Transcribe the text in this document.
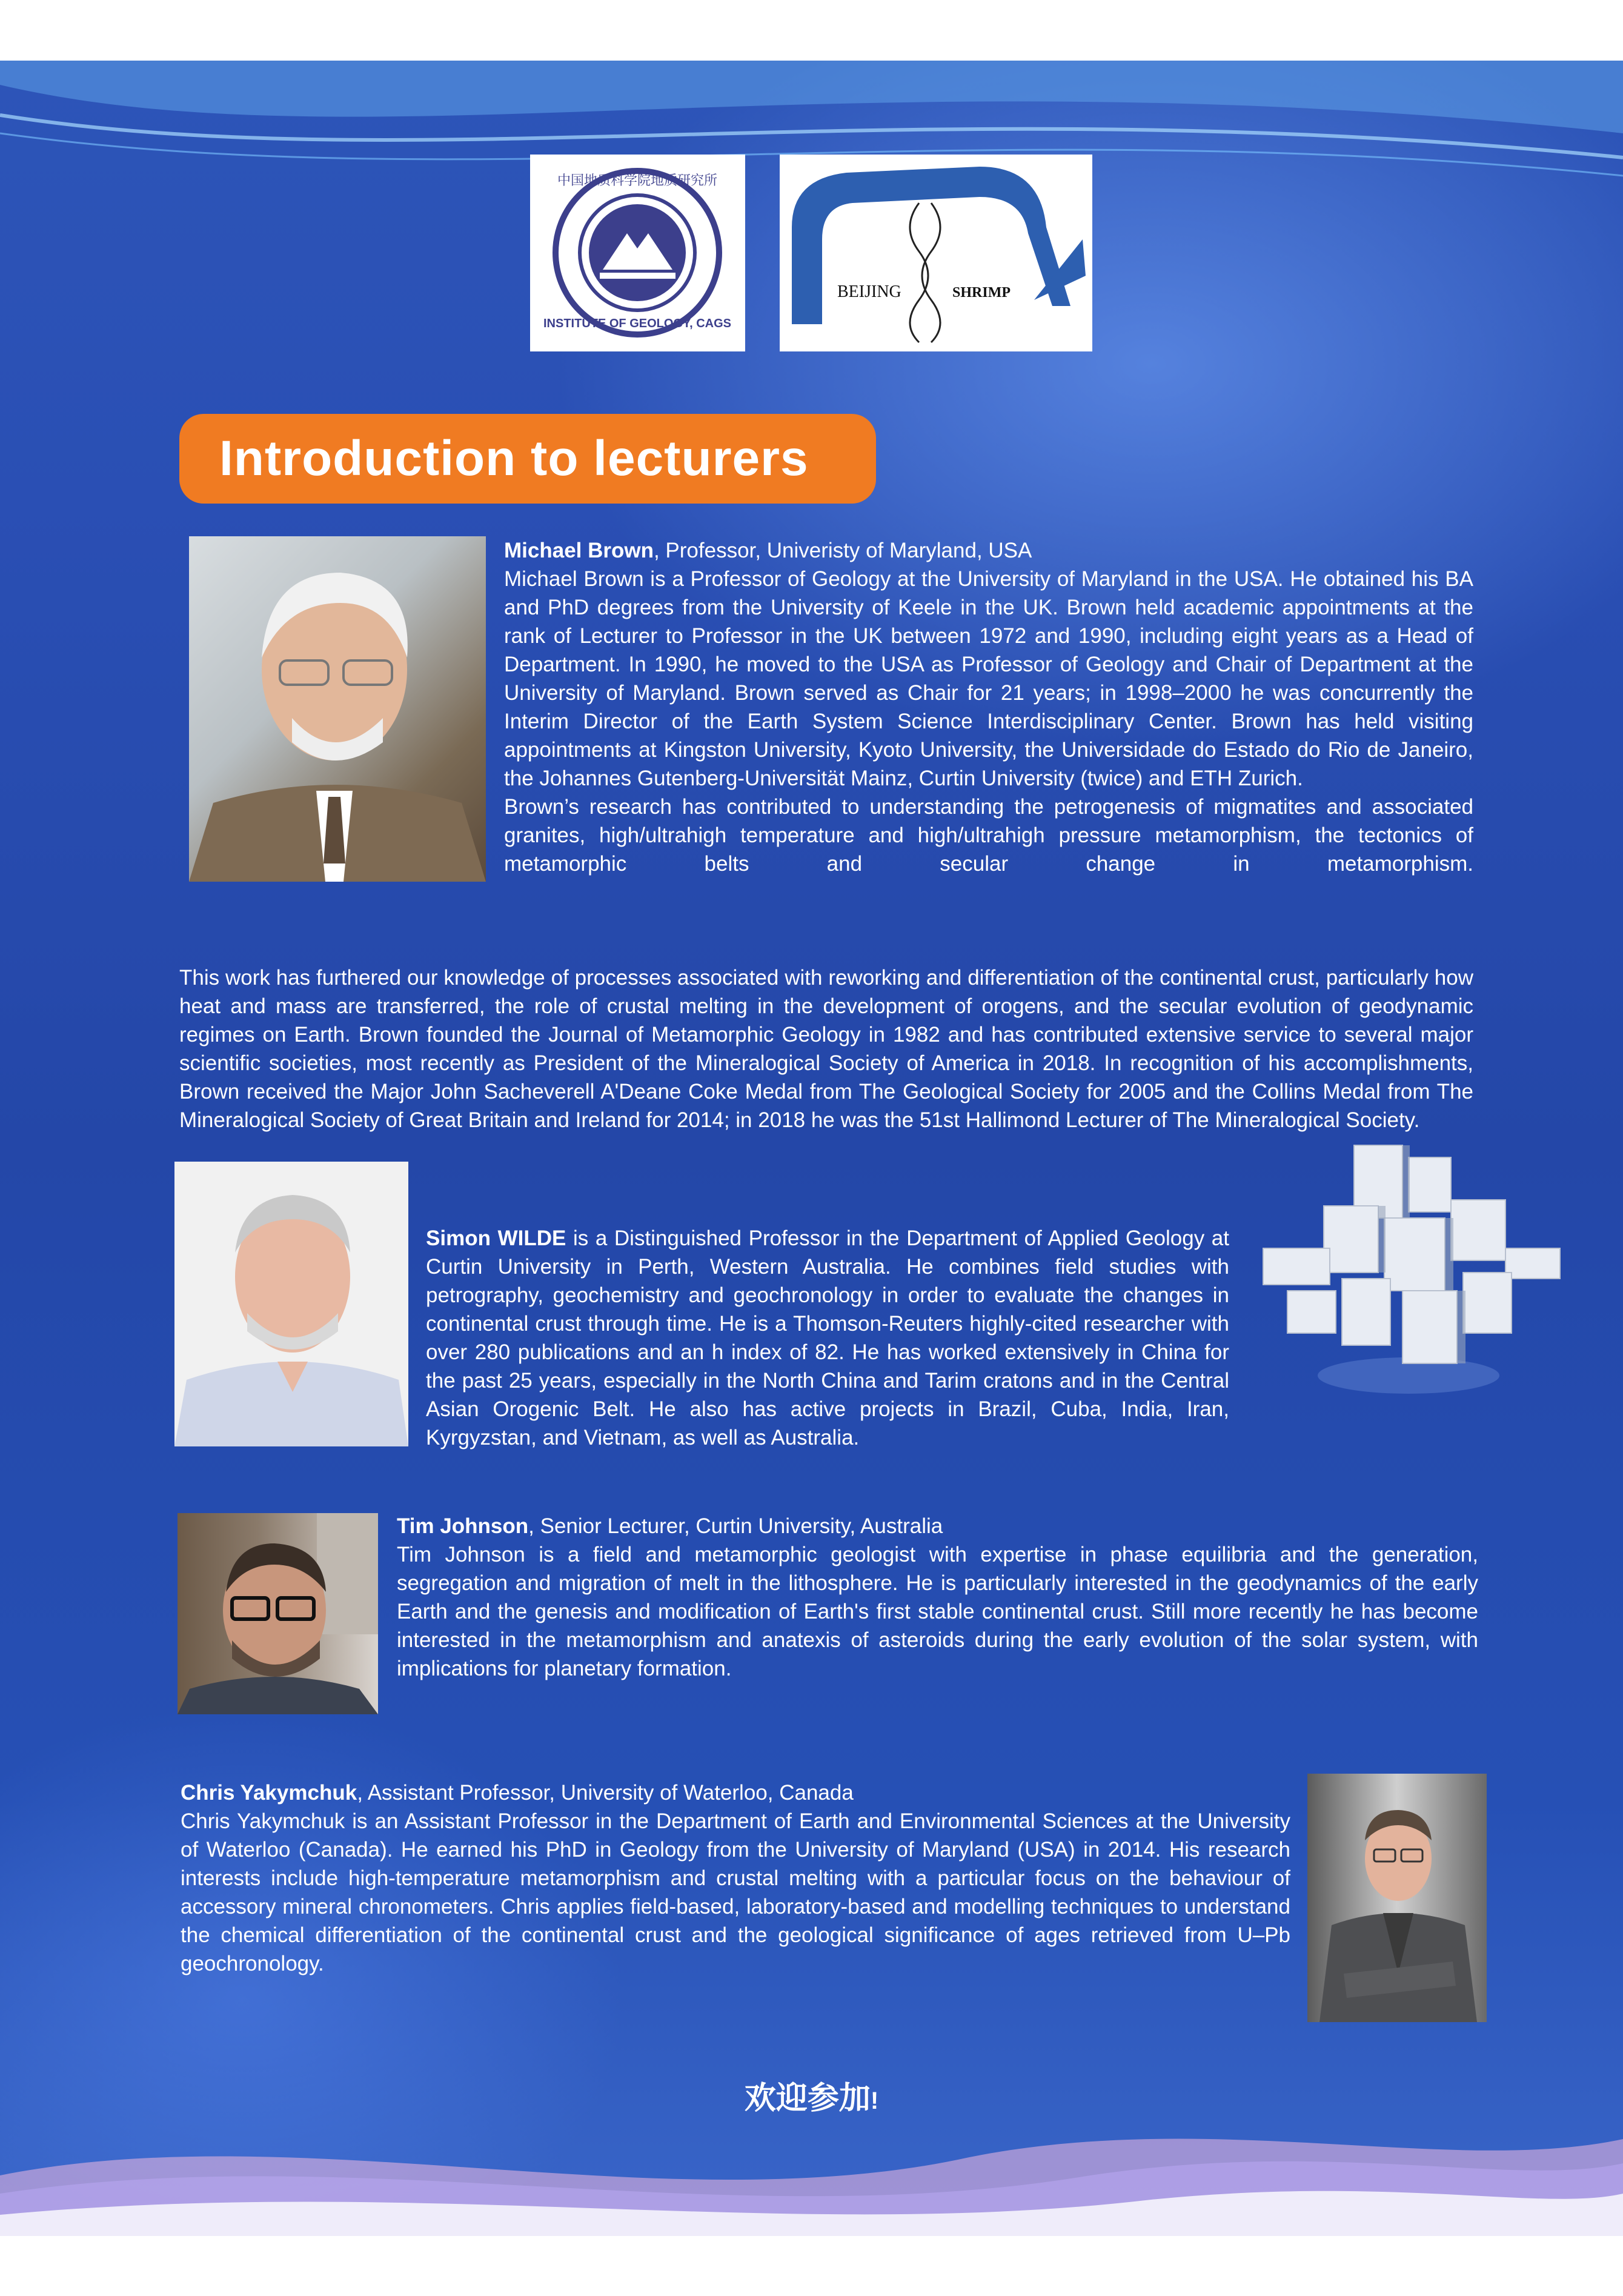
中国地质科学院地质研究所
INSTITUTE OF GEOLOGY, CAGS
BEIJING	SHRIMP
Introduction to lecturers
Michael Brown, Professor, Univeristy of Maryland, USA
Michael Brown is a Professor of Geology at the University of Maryland in the USA. He obtained his BA and PhD degrees from the University of Keele in the UK. Brown held academic appointments at the rank of Lecturer to Professor in the UK between 1972 and 1990, including eight years as a Head of Department. In 1990, he moved to the USA as Professor of Geology and Chair of Department at the University of Maryland. Brown served as Chair for 21 years; in 1998–2000 he was concurrently the Interim Director of the Earth System Science Interdisciplinary Center. Brown has held visiting appointments at Kingston University, Kyoto University, the Universidade do Estado do Rio de Janeiro, the Johannes Gutenberg-Universität Mainz, Curtin University (twice) and ETH Zurich.
Brown’s research has contributed to understanding the petrogenesis of migmatites and associated granites, high/ultrahigh temperature and high/ultrahigh pressure metamorphism, the tectonics of metamorphic belts and secular change in metamorphism.
This work has furthered our knowledge of processes associated with reworking and differentiation of the continental crust, particularly how heat and mass are transferred, the role of crustal melting in the development of orogens, and the secular evolution of geodynamic regimes on Earth. Brown founded the Journal of Metamorphic Geology in 1982 and has contributed extensive service to several major scientific societies, most recently as President of the Mineralogical Society of America in 2018. In recognition of his accomplishments, Brown received the Major John Sacheverell A'Deane Coke Medal from The Geological Society for 2005 and the Collins Medal from The Mineralogical Society of Great Britain and Ireland for 2014; in 2018 he was the 51st Hallimond Lecturer of The Mineralogical Society.
Simon WILDE is a Distinguished Professor in the Department of Applied Geology at Curtin University in Perth, Western Australia. He combines field studies with petrography, geochemistry and geochronology in order to evaluate the changes in continental crust through time. He is a Thomson-Reuters highly-cited researcher with over 280 publications and an h index of 82. He has worked extensively in China for the past 25 years, especially in the North China and Tarim cratons and in the Central Asian Orogenic Belt. He also has active projects in Brazil, Cuba, India, Iran, Kyrgyzstan, and Vietnam, as well as Australia.
Tim Johnson, Senior Lecturer, Curtin University, Australia
Tim Johnson is a field and metamorphic geologist with expertise in phase equilibria and the generation, segregation and migration of melt in the lithosphere. He is particularly interested in the geodynamics of the early Earth and the genesis and modification of Earth's first stable continental crust. Still more recently he has become interested in the metamorphism and anatexis of asteroids during the early evolution of the solar system, with implications for planetary formation.
Chris Yakymchuk, Assistant Professor, University of Waterloo, Canada
Chris Yakymchuk is an Assistant Professor in the Department of Earth and Environmental Sciences at the University of Waterloo (Canada). He earned his PhD in Geology from the University of Maryland (USA) in 2014. His research interests include high-temperature metamorphism and crustal melting with a particular focus on the behaviour of accessory mineral chronometers. Chris applies field-based, laboratory-based and modelling techniques to understand the chemical differentiation of the continental crust and the geological significance of ages retrieved from U–Pb geochronology.
欢迎参加!
